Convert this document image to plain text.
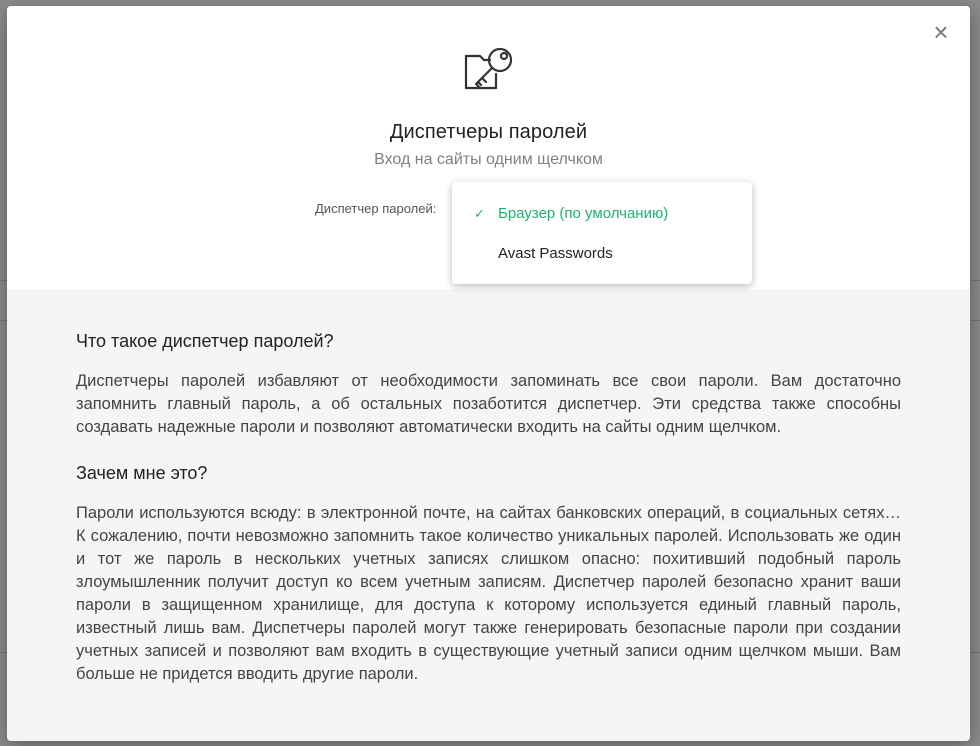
×
Диспетчеры паролей
Вход на сайты одним щелчком
Диспетчер паролей:	✓ Браузер (по умолчанию)
Avast Passwords
Что такое диспетчер паролей?
Диспетчеры паролей избавляют от необходимости запоминать все свои пароли. Вам достаточно запомнить главный пароль, а об остальных позаботится диспетчер. Эти средства также способны создавать надежные пароли и позволяют автоматически входить на сайты одним щелчком.
Зачем мне это?
Пароли используются всюду: в электронной почте, на сайтах банковских операций, в социальных сетях… К сожалению, почти невозможно запомнить такое количество уникальных паролей. Использовать же один и тот же пароль в нескольких учетных записях слишком опасно: похитивший подобный пароль злоумышленник получит доступ ко всем учетным записям. Диспетчер паролей безопасно хранит ваши пароли в защищенном хранилище, для доступа к которому используется единый главный пароль, известный лишь вам. Диспетчеры паролей могут также генерировать безопасные пароли при создании учетных записей и позволяют вам входить в существующие учетный записи одним щелчком мыши. Вам больше не придется вводить другие пароли.
